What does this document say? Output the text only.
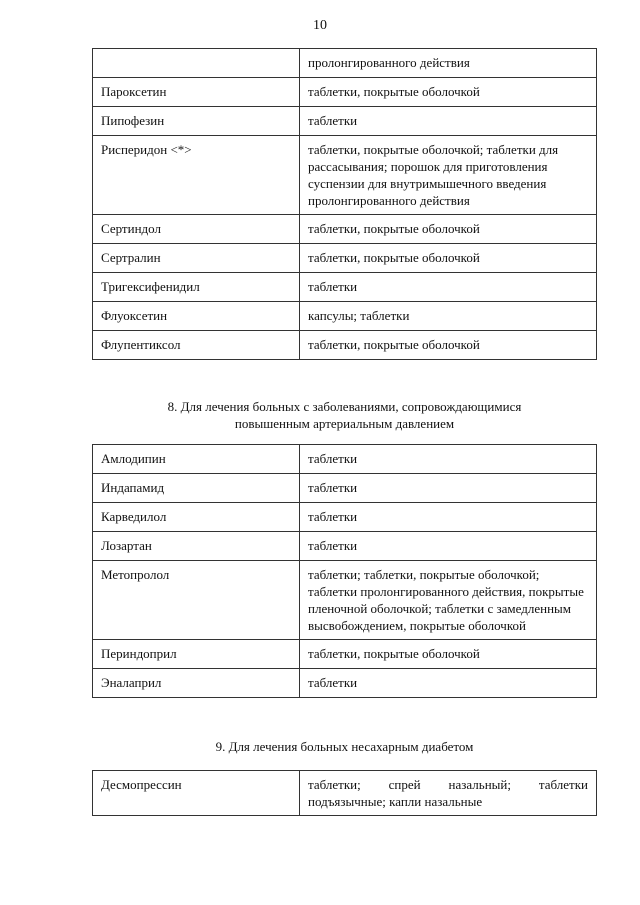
10
	пролонгированного действия
Пароксетин	таблетки, покрытые оболочкой
Пипофезин	таблетки
Рисперидон <*>	таблетки, покрытые оболочкой; таблетки для рассасывания; порошок для приготовления суспензии для внутримышечного введения пролонгированного действия
Сертиндол	таблетки, покрытые оболочкой
Сертралин	таблетки, покрытые оболочкой
Тригексифенидил	таблетки
Флуоксетин	капсулы; таблетки
Флупентиксол	таблетки, покрытые оболочкой
8. Для лечения больных с заболеваниями, сопровождающимися
повышенным артериальным давлением
Амлодипин	таблетки
Индапамид	таблетки
Карведилол	таблетки
Лозартан	таблетки
Метопролол	таблетки; таблетки, покрытые оболочкой; таблетки пролонгированного действия, покрытые пленочной оболочкой; таблетки с замедленным высвобождением, покрытые оболочкой
Периндоприл	таблетки, покрытые оболочкой
Эналаприл	таблетки
9. Для лечения больных несахарным диабетом
Десмопрессин	таблетки; спрей назальный; таблетки подъязычные; капли назальные
